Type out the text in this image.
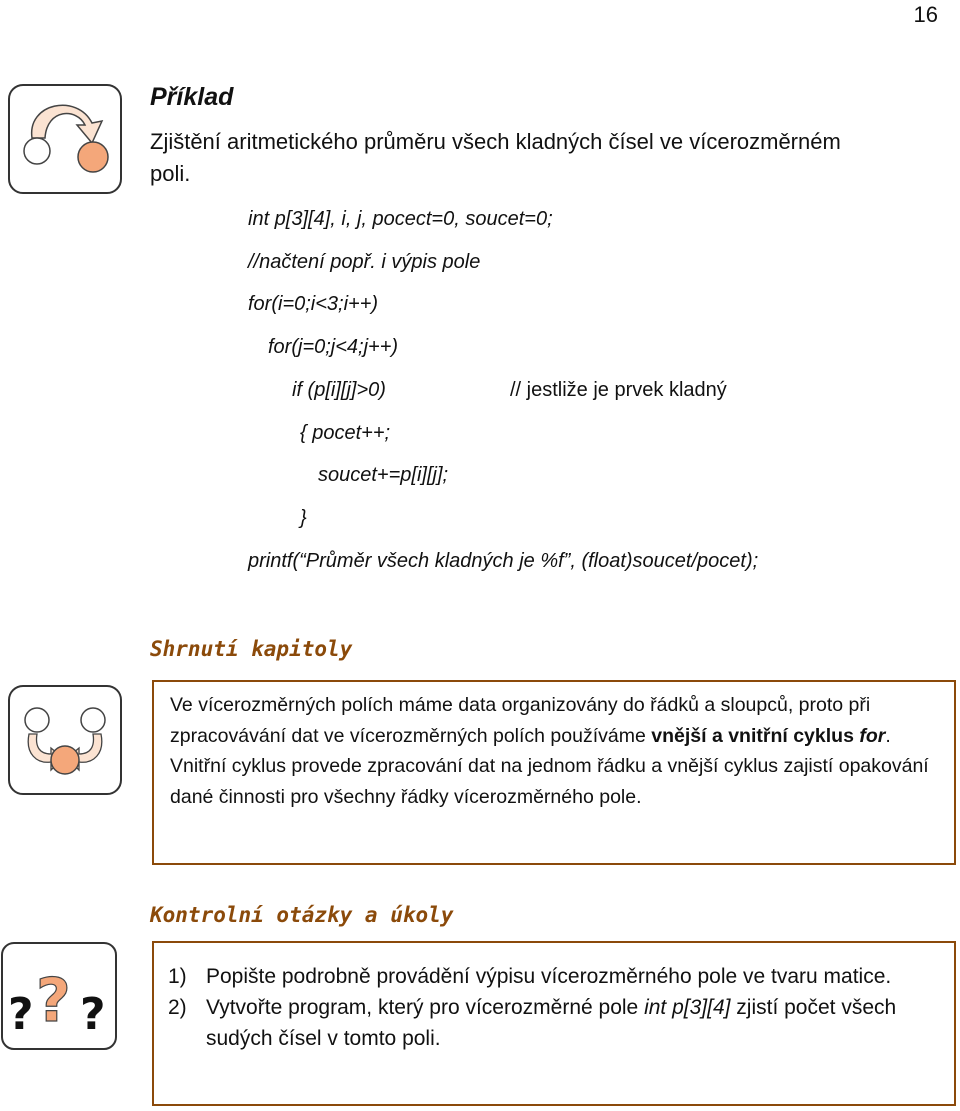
16
Příklad
Zjištění aritmetického průměru všech kladných čísel ve vícerozměrném poli.
int p[3][4], i, j, pocect=0, soucet=0;
//načtení popř. i výpis pole
for(i=0;i<3;i++)
for(j=0;j<4;j++)
if (p[i][j]>0)	// jestliže je prvek kladný
{ pocet++;
soucet+=p[i][j];
}
printf(“Průměr všech kladných je %f”, (float)soucet/pocet);
Shrnutí kapitoly
Ve vícerozměrných polích máme data organizovány do řádků a sloupců, proto při zpracovávání dat ve vícerozměrných polích používáme vnější a vnitřní cyklus for. Vnitřní cyklus provede zpracování dat na jednom řádku a vnější cyklus zajistí opakování dané činnosti pro všechny řádky vícerozměrného pole.
Kontrolní otázky a úkoly
? ? ?
1) Popište podrobně provádění výpisu vícerozměrného pole ve tvaru matice.
2) Vytvořte program, který pro vícerozměrné pole int p[3][4] zjistí počet všech sudých čísel v tomto poli.
